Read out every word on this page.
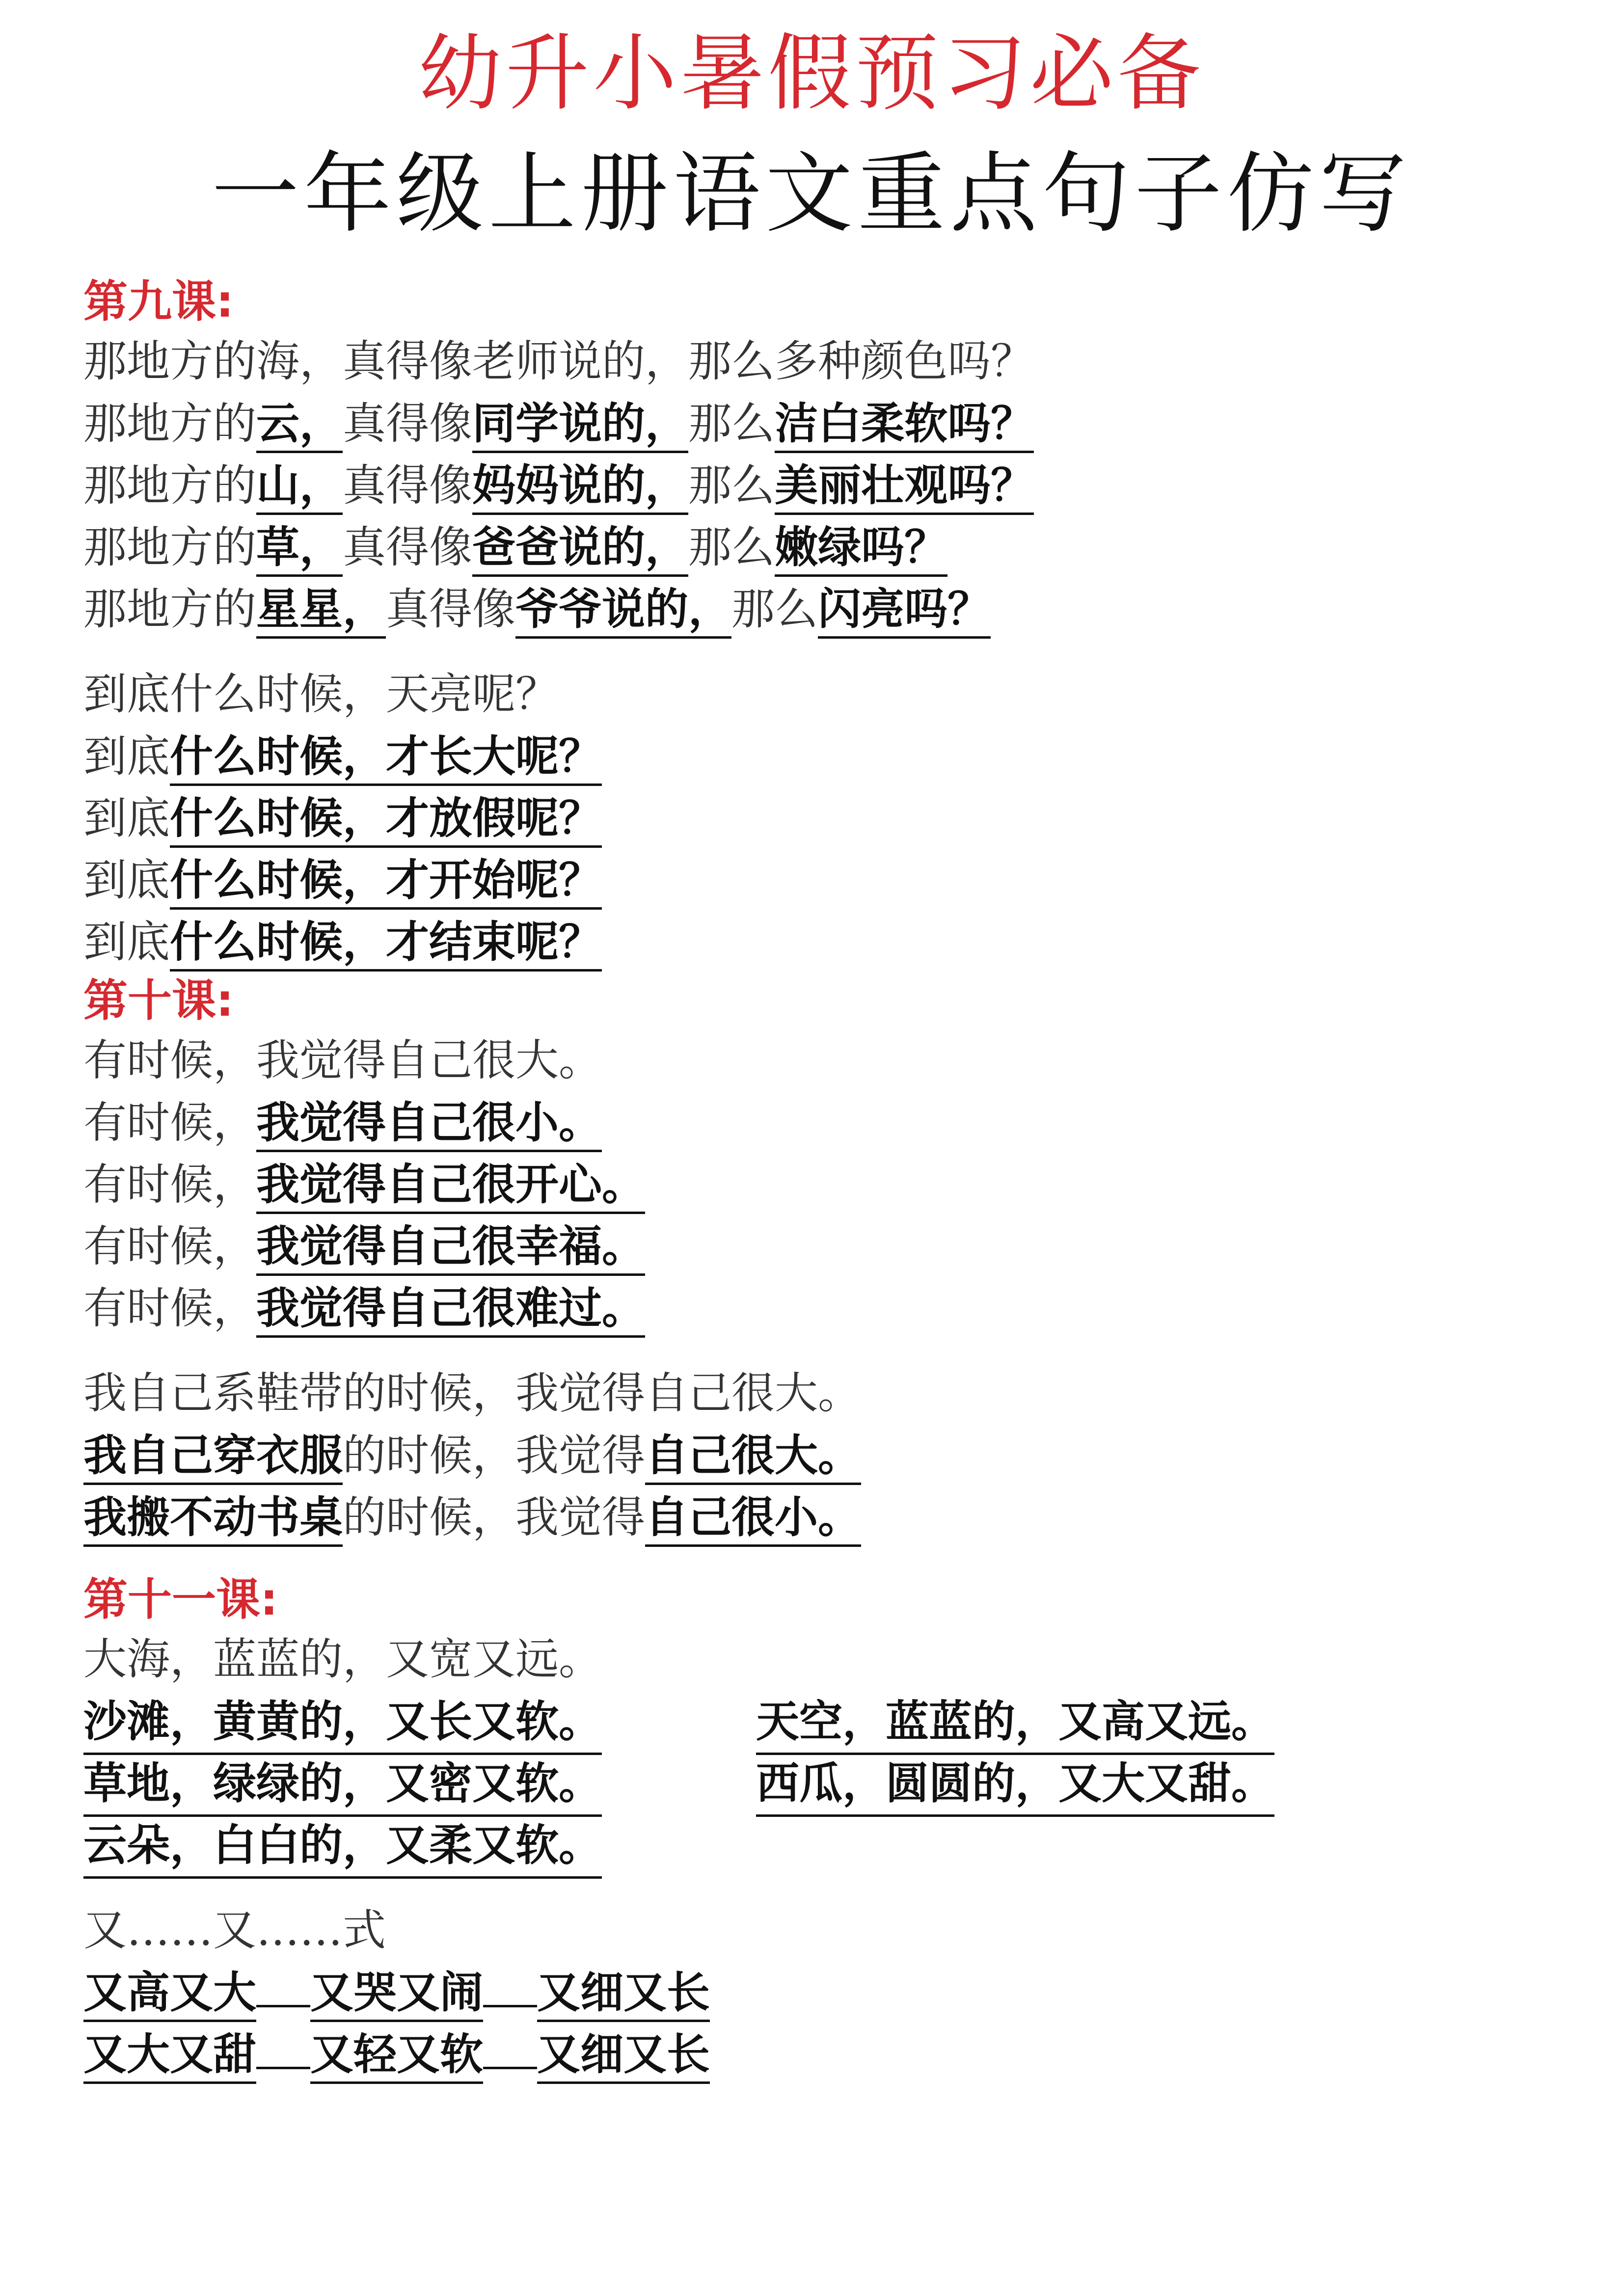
幼升小暑假预习必备
一年级上册语文重点句子仿写
第九课:
那地方的海，真得像老师说的，那么多种颜色吗？
那地方的云，真得像同学说的，那么洁白柔软吗？
那地方的山，真得像妈妈说的，那么美丽壮观吗？
那地方的草，真得像爸爸说的，那么嫩绿吗？
那地方的星星，真得像爷爷说的，那么闪亮吗？
到底什么时候，天亮呢？
到底什么时候，才长大呢？
到底什么时候，才放假呢？
到底什么时候，才开始呢？
到底什么时候，才结束呢？
第十课:
有时候，我觉得自己很大。
有时候，我觉得自己很小。
有时候，我觉得自己很开心。
有时候，我觉得自己很幸福。
有时候，我觉得自己很难过。
我自己系鞋带的时候，我觉得自己很大。
我自己穿衣服的时候，我觉得自己很大。
我搬不动书桌的时候，我觉得自己很小。
第十一课:
大海，蓝蓝的，又宽又远。
沙滩，黄黄的，又长又软。	天空，蓝蓝的，又高又远。
草地，绿绿的，又密又软。	西瓜，圆圆的，又大又甜。
云朵，白白的，又柔又软。
又……又……式
又高又大 又哭又闹 又细又长
又大又甜 又轻又软 又细又长
